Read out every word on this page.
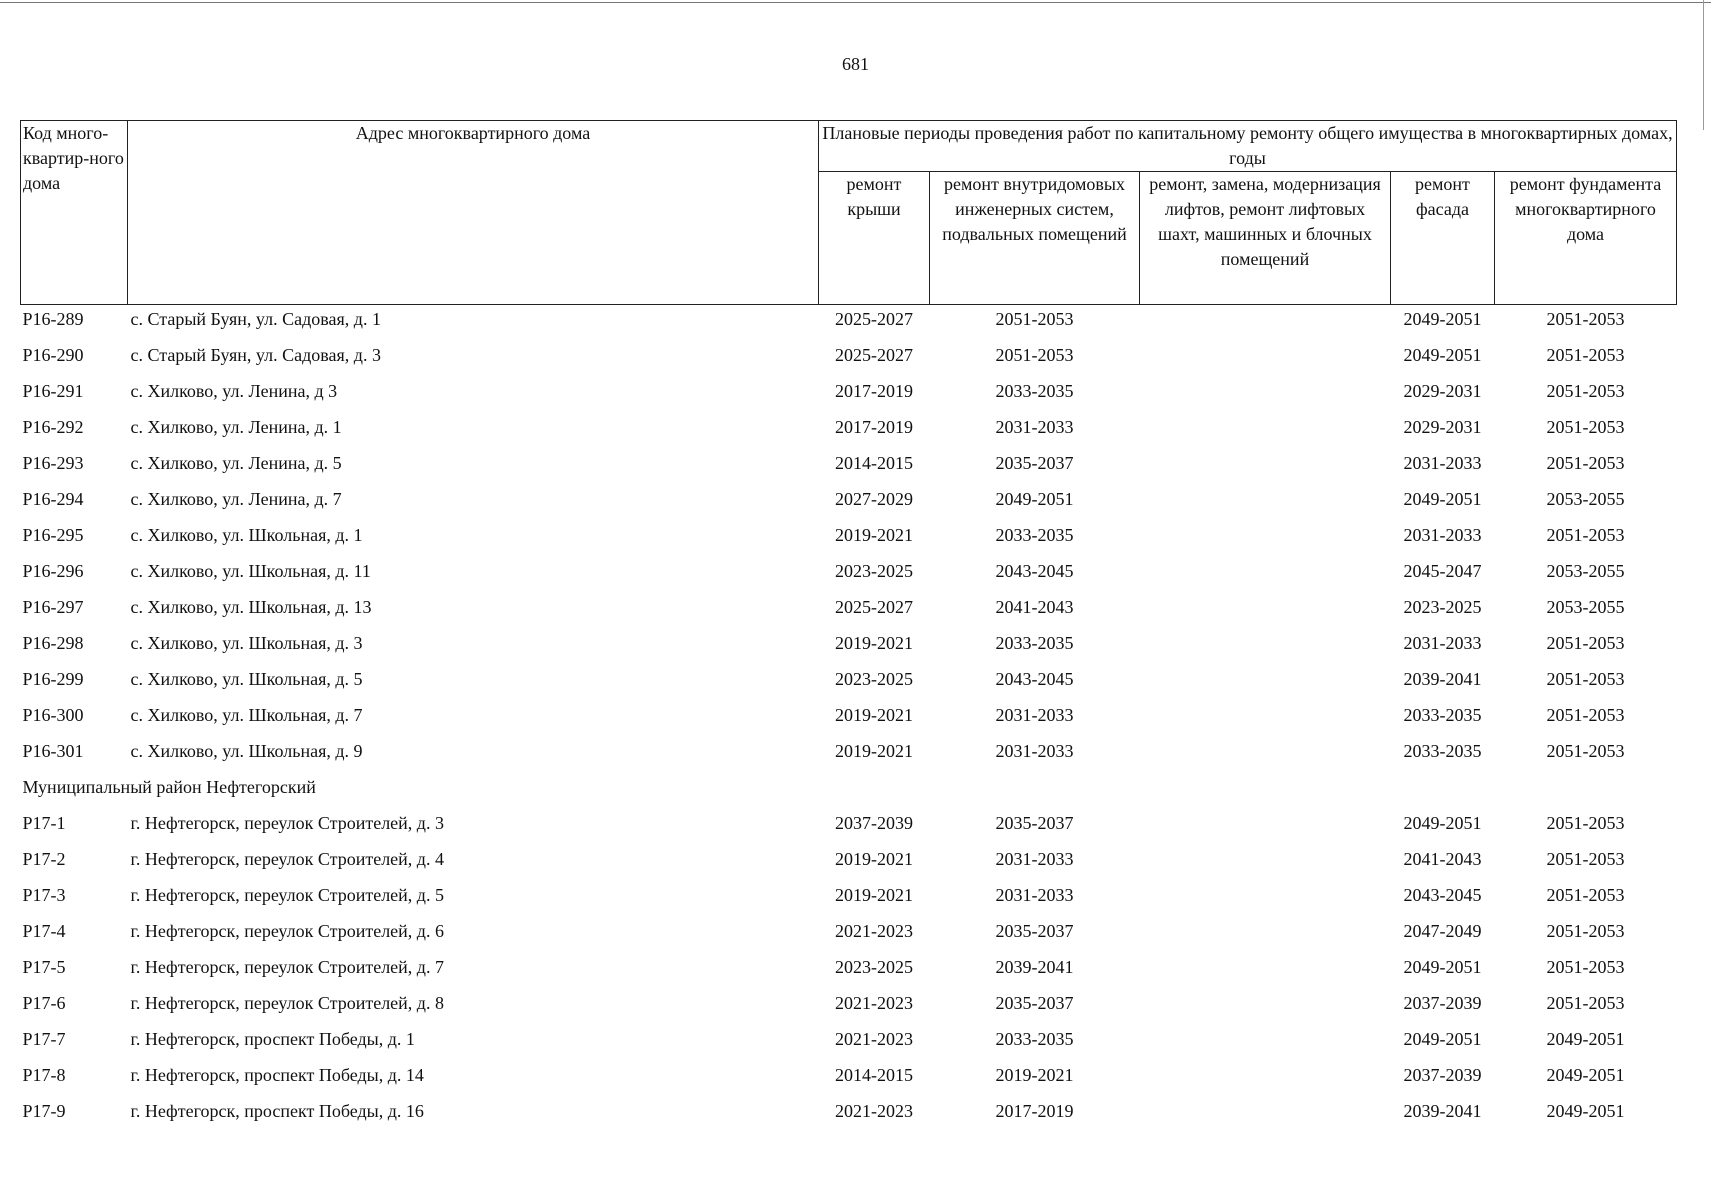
681
Код много-квартир-ного дома	Адрес многоквартирного дома	Плановые периоды проведения работ по капитальному ремонту общего имущества в многоквартирных домах, годы				
		ремонт крыши	ремонт внутридомовых инженерных систем, подвальных помещений	ремонт, замена, модернизация лифтов, ремонт лифтовых шахт, машинных и блочных помещений	ремонт фасада	ремонт фундамента многоквартирного дома
Р16-289	с. Старый Буян, ул. Садовая, д. 1	2025-2027	2051-2053		2049-2051	2051-2053
Р16-290	с. Старый Буян, ул. Садовая, д. 3	2025-2027	2051-2053		2049-2051	2051-2053
Р16-291	с. Хилково, ул. Ленина, д 3	2017-2019	2033-2035		2029-2031	2051-2053
Р16-292	с. Хилково, ул. Ленина, д. 1	2017-2019	2031-2033		2029-2031	2051-2053
Р16-293	с. Хилково, ул. Ленина, д. 5	2014-2015	2035-2037		2031-2033	2051-2053
Р16-294	с. Хилково, ул. Ленина, д. 7	2027-2029	2049-2051		2049-2051	2053-2055
Р16-295	с. Хилково, ул. Школьная, д. 1	2019-2021	2033-2035		2031-2033	2051-2053
Р16-296	с. Хилково, ул. Школьная, д. 11	2023-2025	2043-2045		2045-2047	2053-2055
Р16-297	с. Хилково, ул. Школьная, д. 13	2025-2027	2041-2043		2023-2025	2053-2055
Р16-298	с. Хилково, ул. Школьная, д. 3	2019-2021	2033-2035		2031-2033	2051-2053
Р16-299	с. Хилково, ул. Школьная, д. 5	2023-2025	2043-2045		2039-2041	2051-2053
Р16-300	с. Хилково, ул. Школьная, д. 7	2019-2021	2031-2033		2033-2035	2051-2053
Р16-301	с. Хилково, ул. Школьная, д. 9	2019-2021	2031-2033		2033-2035	2051-2053
Муниципальный район Нефтегорский						
Р17-1	г. Нефтегорск, переулок Строителей, д. 3	2037-2039	2035-2037		2049-2051	2051-2053
Р17-2	г. Нефтегорск, переулок Строителей, д. 4	2019-2021	2031-2033		2041-2043	2051-2053
Р17-3	г. Нефтегорск, переулок Строителей, д. 5	2019-2021	2031-2033		2043-2045	2051-2053
Р17-4	г. Нефтегорск, переулок Строителей, д. 6	2021-2023	2035-2037		2047-2049	2051-2053
Р17-5	г. Нефтегорск, переулок Строителей, д. 7	2023-2025	2039-2041		2049-2051	2051-2053
Р17-6	г. Нефтегорск, переулок Строителей, д. 8	2021-2023	2035-2037		2037-2039	2051-2053
Р17-7	г. Нефтегорск, проспект Победы, д. 1	2021-2023	2033-2035		2049-2051	2049-2051
Р17-8	г. Нефтегорск, проспект Победы, д. 14	2014-2015	2019-2021		2037-2039	2049-2051
Р17-9	г. Нефтегорск, проспект Победы, д. 16	2021-2023	2017-2019		2039-2041	2049-2051
